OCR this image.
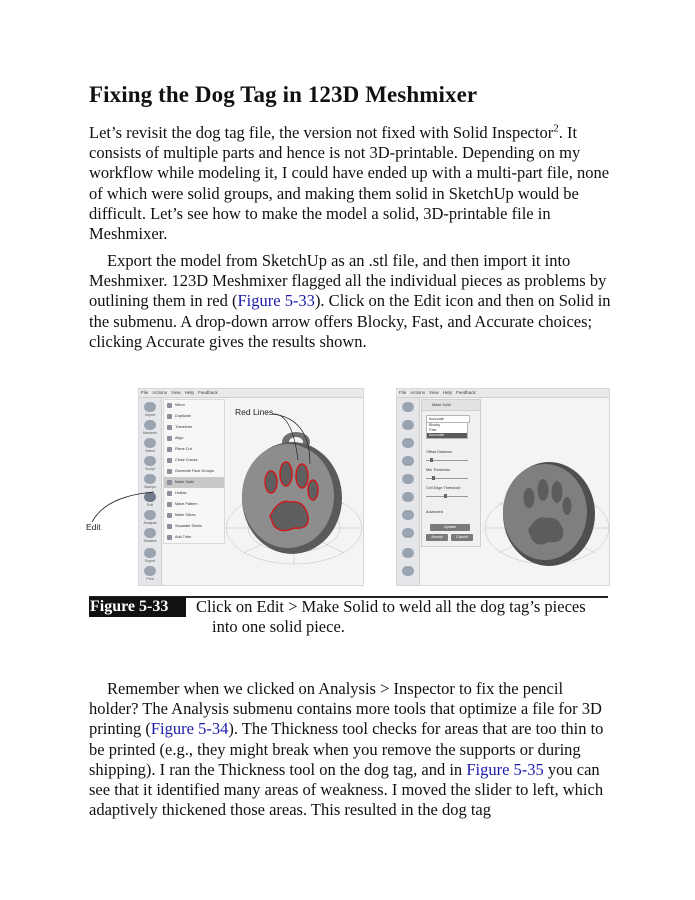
Fixing the Dog Tag in 123D Meshmixer

Let’s revisit the dog tag file, the version not fixed with Solid Inspector$^2$. It consists of multiple parts and hence is not 3D-printable. Depending on my workflow while modeling it, I could have ended up with a multi-part file, none of which were solid groups, and making them solid in SketchUp would be difficult. Let’s see how to make the model a solid, 3D-printable file in Meshmixer.

Export the model from SketchUp as an .stl file, and then import it into Meshmixer. 123D Meshmixer flagged all the individual pieces as problems by outlining them in red (Figure 5-33). Click on the Edit icon and then on Solid in the submenu. A drop-down arrow offers Blocky, Fast, and Accurate choices; clicking Accurate gives the results shown.

File Actions View Help Feedback
Import
Meshmix
Select
Sculpt
Stamps
Edit
Analysis
Shaders
Export
Print
Mirror
Duplicate
Transform
Align
Plane Cut
Close Cracks
Generate Face Groups
Make Solid
Hollow
Make Pattern
Make Slices
Separate Shells
Add Tube
Red Lines
Edit
File Actions View Help Feedback
Make Solid
Accurate
Blocky
Fast
Accurate
Offset Distance
Min Thickness
Cell Edge Threshold
Advanced
Update
Accept	Cancel
Figure 5-33	Click on Edit > Make Solid to weld all the dog tag’s pieces
into one solid piece.

Remember when we clicked on Analysis > Inspector to fix the pencil holder? The Analysis submenu contains more tools that optimize a file for 3D printing (Figure 5-34). The Thickness tool checks for areas that are too thin to be printed (e.g., they might break when you remove the supports or during shipping). I ran the Thickness tool on the dog tag, and in Figure 5-35 you can see that it identified many areas of weakness. I moved the slider to left, which adaptively thickened those areas. This resulted in the dog tag
